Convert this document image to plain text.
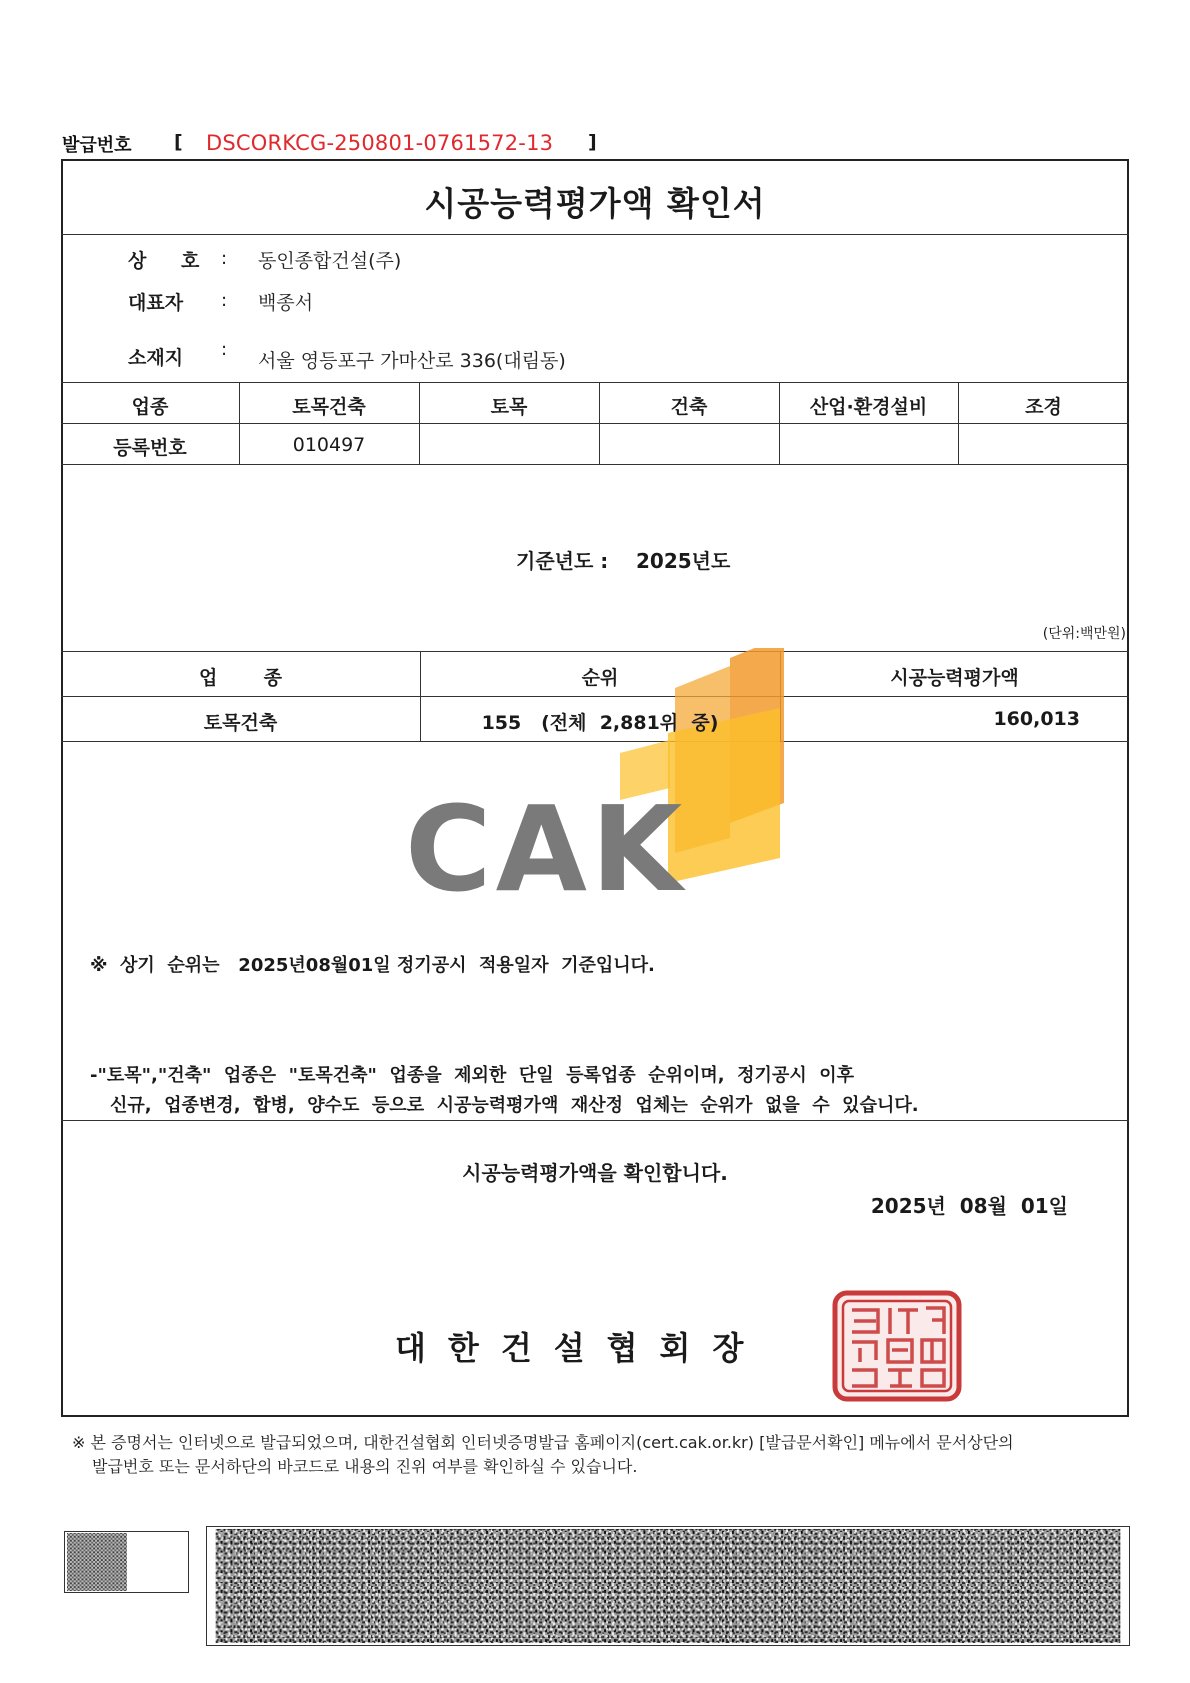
발급번호 [ DSCORKCG-250801-0761572-13 ]
시공능력평가액 확인서
상 호 : 동인종합건설(주)
대표자 : 백종서
소재지 :
서울 영등포구 가마산로 336(대림동)
업종	토목건축	토목	건축	산업·환경설비	조경
등록번호	010497
기준년도 : 2025년도
(단위:백만원)
CAK
업       종	순위	시공능력평가액
토목건축	155   (전체  2,881위  중)	160,013
※  상기  순위는   2025년08월01일 정기공시  적용일자  기준입니다.
-"토목","건축"  업종은  "토목건축"  업종을  제외한  단일  등록업종  순위이며,  정기공시  이후
신규,  업종변경,  합병,  양수도  등으로  시공능력평가액  재산정  업체는  순위가  없을  수  있습니다.
시공능력평가액을 확인합니다.
2025년  08월  01일
대한건설협회장
※ 본 증명서는 인터넷으로 발급되었으며, 대한건설협회 인터넷증명발급 홈페이지(cert.cak.or.kr) [발급문서확인] 메뉴에서 문서상단의
발급번호 또는 문서하단의 바코드로 내용의 진위 여부를 확인하실 수 있습니다.
